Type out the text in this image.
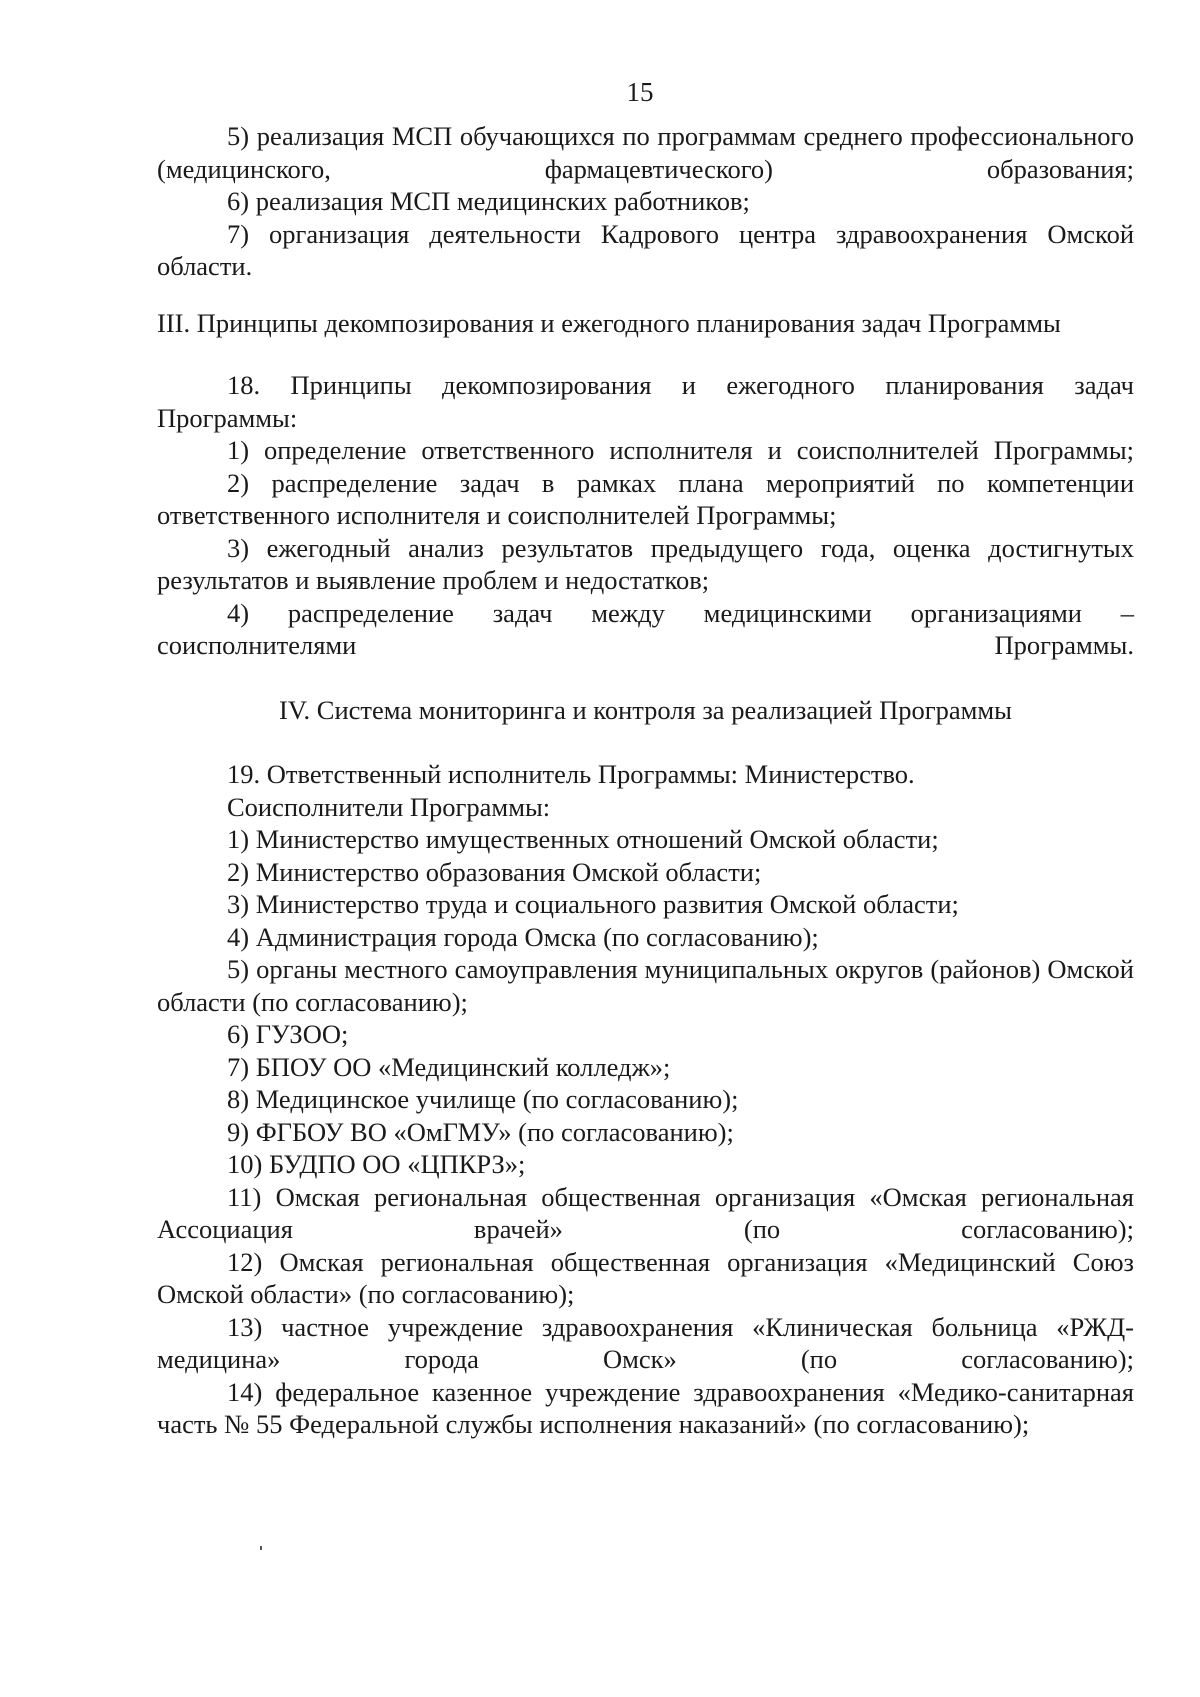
15

5) реализация МСП обучающихся по программам среднего профессионального (медицинского, фармацевтического) образования;

6) реализация МСП медицинских работников;

7) организация деятельности Кадрового центра здравоохранения Омской области.

III. Принципы декомпозирования и ежегодного планирования задач Программы

18. Принципы декомпозирования и ежегодного планирования задач Программы:

1) определение ответственного исполнителя и соисполнителей Программы;

2) распределение задач в рамках плана мероприятий по компетенции ответственного исполнителя и соисполнителей Программы;

3) ежегодный анализ результатов предыдущего года, оценка достигнутых результатов и выявление проблем и недостатков;

4) распределение задач между медицинскими организациями – соисполнителями Программы.

IV. Система мониторинга и контроля за реализацией Программы

19. Ответственный исполнитель Программы: Министерство.

Соисполнители Программы:

1) Министерство имущественных отношений Омской области;

2) Министерство образования Омской области;

3) Министерство труда и социального развития Омской области;

4) Администрация города Омска (по согласованию);

5) органы местного самоуправления муниципальных округов (районов) Омской области (по согласованию);

6) ГУЗОО;

7) БПОУ ОО «Медицинский колледж»;

8) Медицинское училище (по согласованию);

9) ФГБОУ ВО «ОмГМУ» (по согласованию);

10) БУДПО ОО «ЦПКРЗ»;

11) Омская региональная общественная организация «Омская региональная Ассоциация врачей» (по согласованию);

12) Омская региональная общественная организация «Медицинский Союз Омской области» (по согласованию);

13) частное учреждение здравоохранения «Клиническая больница «РЖД-медицина» города Омск» (по согласованию);

14) федеральное казенное учреждение здравоохранения «Медико-санитарная часть № 55 Федеральной службы исполнения наказаний» (по согласованию);
